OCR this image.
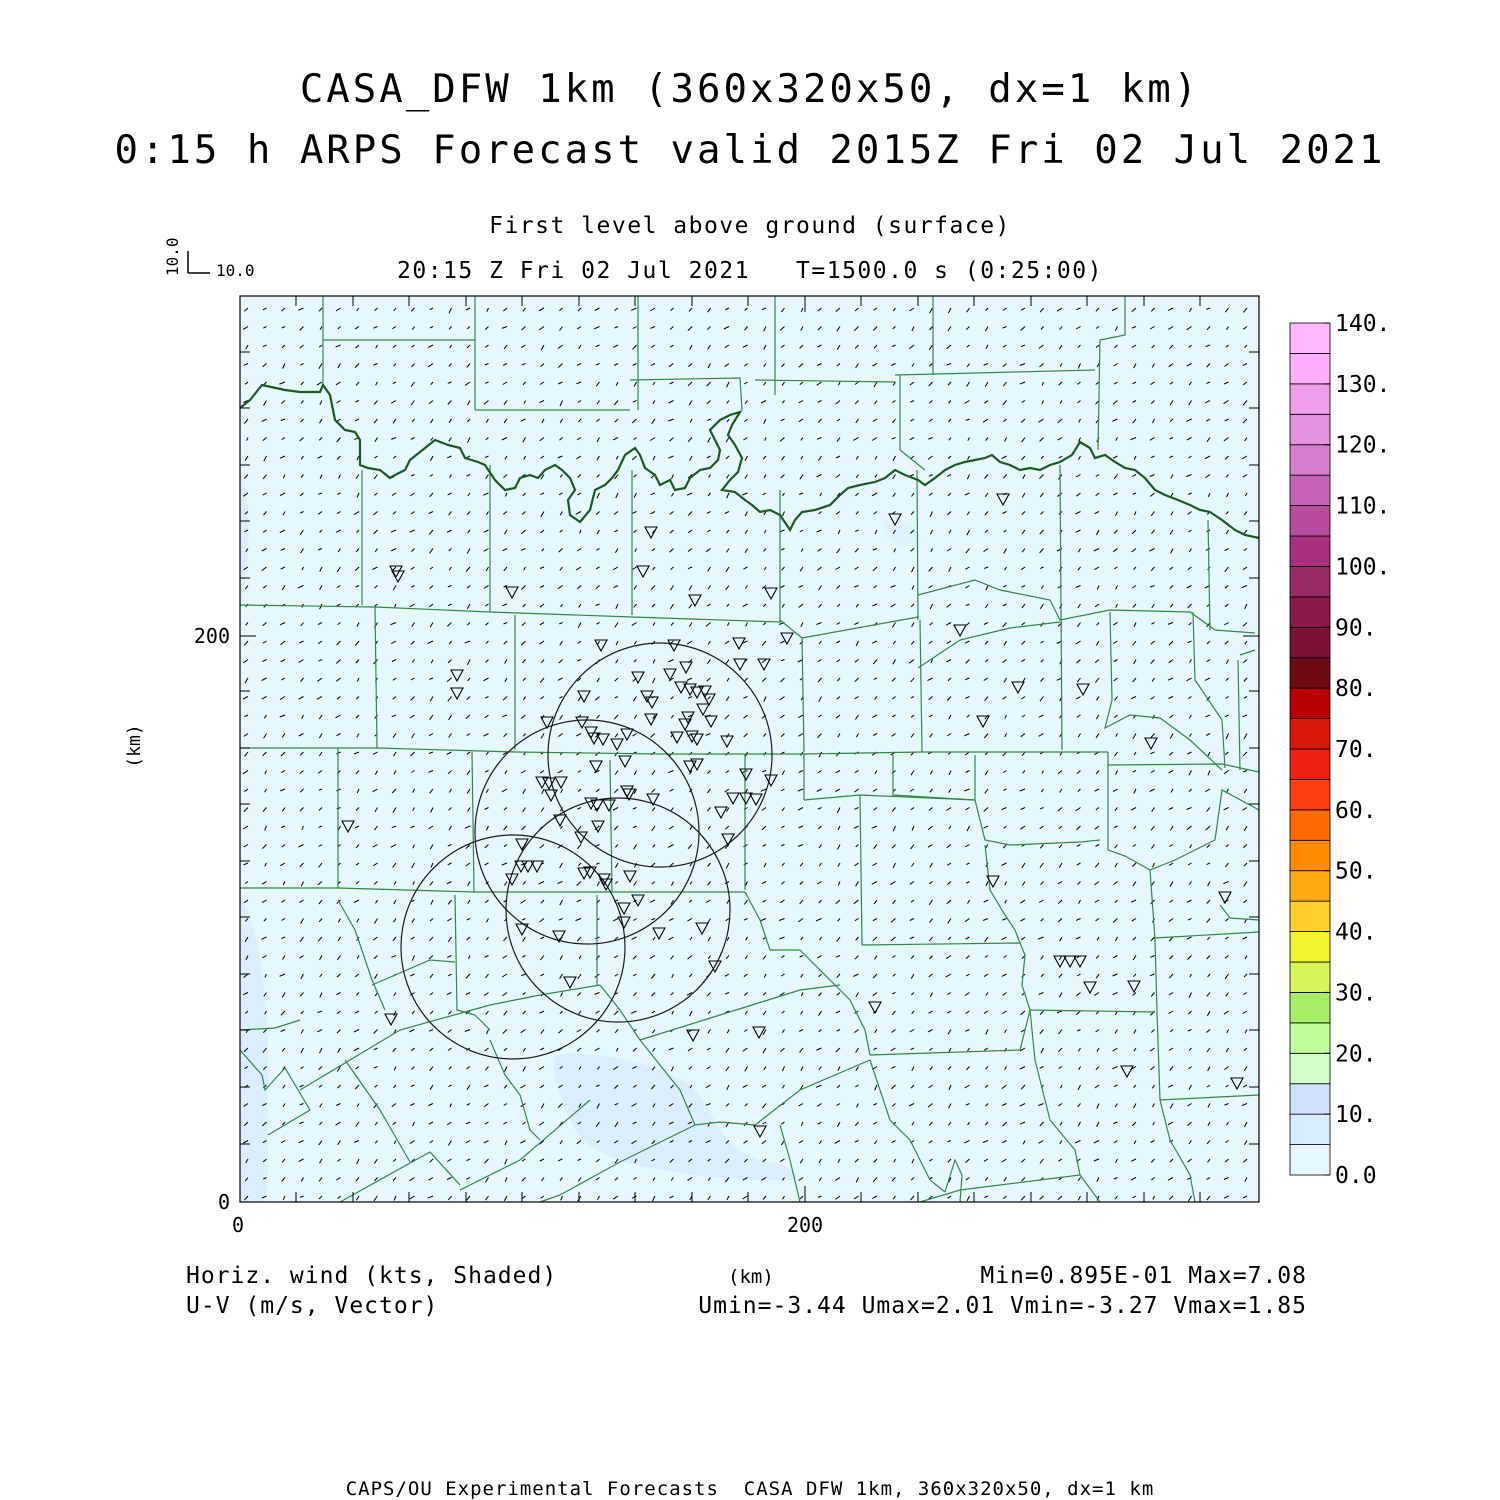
CASA_DFW 1km (360x320x50, dx=1 km)
0:15 h ARPS Forecast valid 2015Z Fri 02 Jul 2021
First level above ground (surface)
20:15 Z Fri 02 Jul 2021   T=1500.0 s (0:25:00)
10.0 10.0
0
200
0	200
(km)
0.0
10.
20.
30.
40.
50.
60.
70.
80.
90.
100.
110.
120.
130.
140.
Horiz. wind (kts, Shaded)
U-V (m/s, Vector)
(km)	Min=0.895E-01 Max=7.08
Umin=-3.44 Umax=2.01 Vmin=-3.27 Vmax=1.85
CAPS/OU Experimental Forecasts  CASA DFW 1km, 360x320x50, dx=1 km
